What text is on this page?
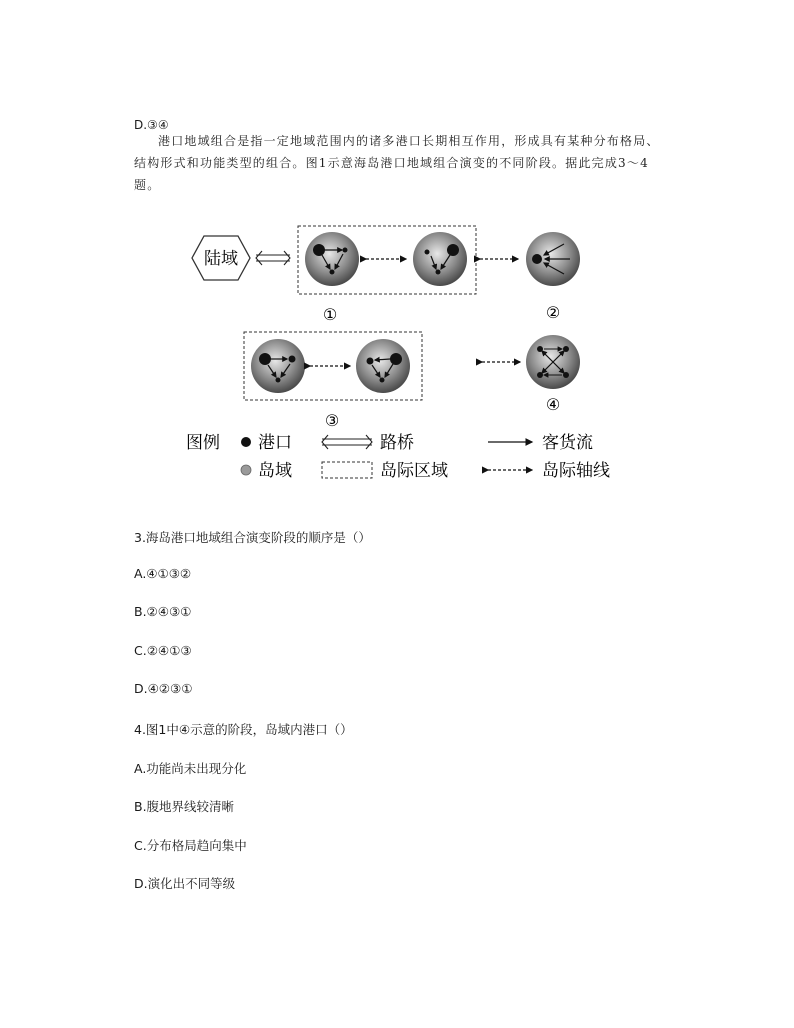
D.③④
港口地域组合是指一定地域范围内的诸多港口长期相互作用，形成具有某种分布格局、结构形式和功能类型的组合。图1示意海岛港口地域组合演变的不同阶段。据此完成3～4题。
陆域
①	②
③
④
图例 港口	路桥	客货流
岛域	岛际区域	岛际轴线
3.海岛港口地域组合演变阶段的顺序是（）
A.④①③②
B.②④③①
C.②④①③
D.④②③①
4.图1中④示意的阶段，岛域内港口（）
A.功能尚未出现分化
B.腹地界线较清晰
C.分布格局趋向集中
D.演化出不同等级
